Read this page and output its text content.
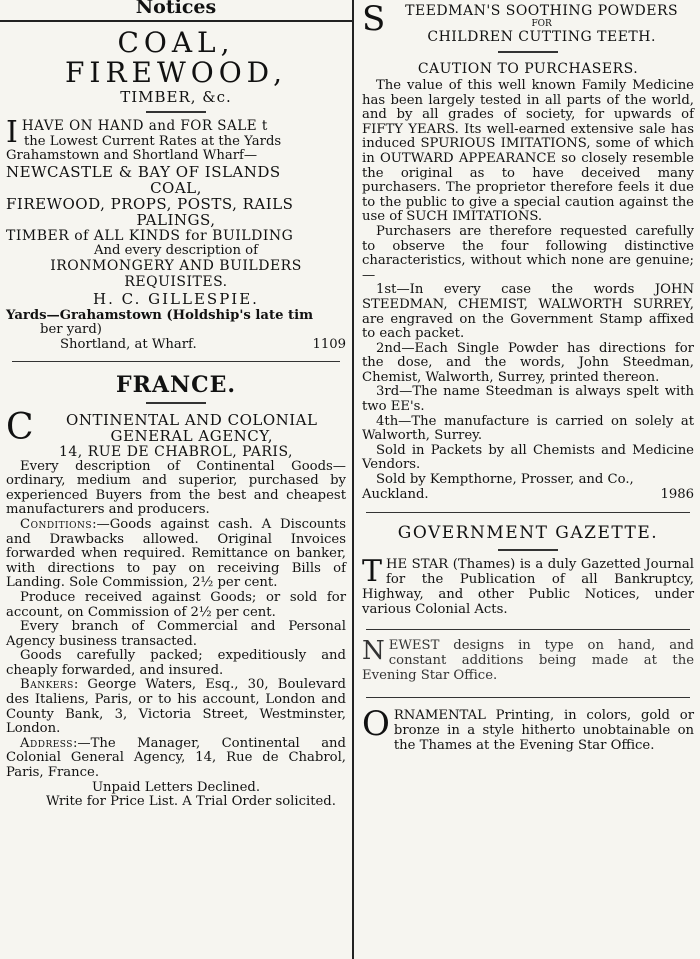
Notices
COAL, FIREWOOD,
TIMBER, &c.
I HAVE ON HAND and FOR SALE t
the Lowest Current Rates at the Yards
Grahamstown and Shortland Wharf—
NEWCASTLE & BAY OF ISLANDS
COAL,
FIREWOOD, PROPS, POSTS, RAILS
PALINGS,
TIMBER of ALL KINDS for BUILDING
And every description of
IRONMONGERY AND BUILDERS
REQUISITES.
H. C. GILLESPIE.
Yards—Grahamstown (Holdship's late tim
ber yard)
Shortland, at Wharf.	1109
FRANCE.
C	ONTINENTAL AND COLONIAL
GENERAL AGENCY,
14, RUE DE CHABROL, PARIS,
Every description of Continental Goods—ordinary, medium and superior, purchased by experienced Buyers from the best and cheapest manufacturers and producers.
Conditions:—Goods against cash. A Discounts and Drawbacks allowed. Original Invoices forwarded when required. Remittance on banker, with directions to pay on receiving Bills of Landing. Sole Commission, 2½ per cent.
Produce received against Goods; or sold for account, on Commission of 2½ per cent.
Every branch of Commercial and Personal Agency business transacted.
Goods carefully packed; expeditiously and cheaply forwarded, and insured.
Bankers: George Waters, Esq., 30, Boulevard des Italiens, Paris, or to his account, London and County Bank, 3, Victoria Street, Westminster, London.
Address:—The Manager, Continental and Colonial General Agency, 14, Rue de Chabrol, Paris, France.
Unpaid Letters Declined.
Write for Price List. A Trial Order solicited.
S	TEEDMAN'S SOOTHING POWDERS
FOR
CHILDREN CUTTING TEETH.
CAUTION TO PURCHASERS.
The value of this well known Family Medicine has been largely tested in all parts of the world, and by all grades of society, for upwards of FIFTY YEARS. Its well-earned extensive sale has induced SPURIOUS IMITATIONS, some of which in OUTWARD APPEARANCE so closely resemble the original as to have deceived many purchasers. The proprietor therefore feels it due to the public to give a special caution against the use of SUCH IMITATIONS.
Purchasers are therefore requested carefully to observe the four following distinctive characteristics, without which none are genuine;—
1st—In every case the words JOHN STEEDMAN, CHEMIST, WALWORTH SURREY, are engraved on the Government Stamp affixed to each packet.
2nd—Each Single Powder has directions for the dose, and the words, John Steedman, Chemist, Walworth, Surrey, printed thereon.
3rd—The name Steedman is always spelt with two EE's.
4th—The manufacture is carried on solely at Walworth, Surrey.
Sold in Packets by all Chemists and Medicine Vendors.
Sold by Kempthorne, Prosser, and Co.,
Auckland.	1986
GOVERNMENT GAZETTE.
THE STAR (Thames) is a duly Gazetted Journal for the Publication of all Bankruptcy, Highway, and other Public Notices, under various Colonial Acts.
NEWEST designs in type on hand, and constant additions being made at the Evening Star Office.
ORNAMENTAL Printing, in colors, gold or bronze in a style hitherto unobtainable on the Thames at the Evening Star Office.
